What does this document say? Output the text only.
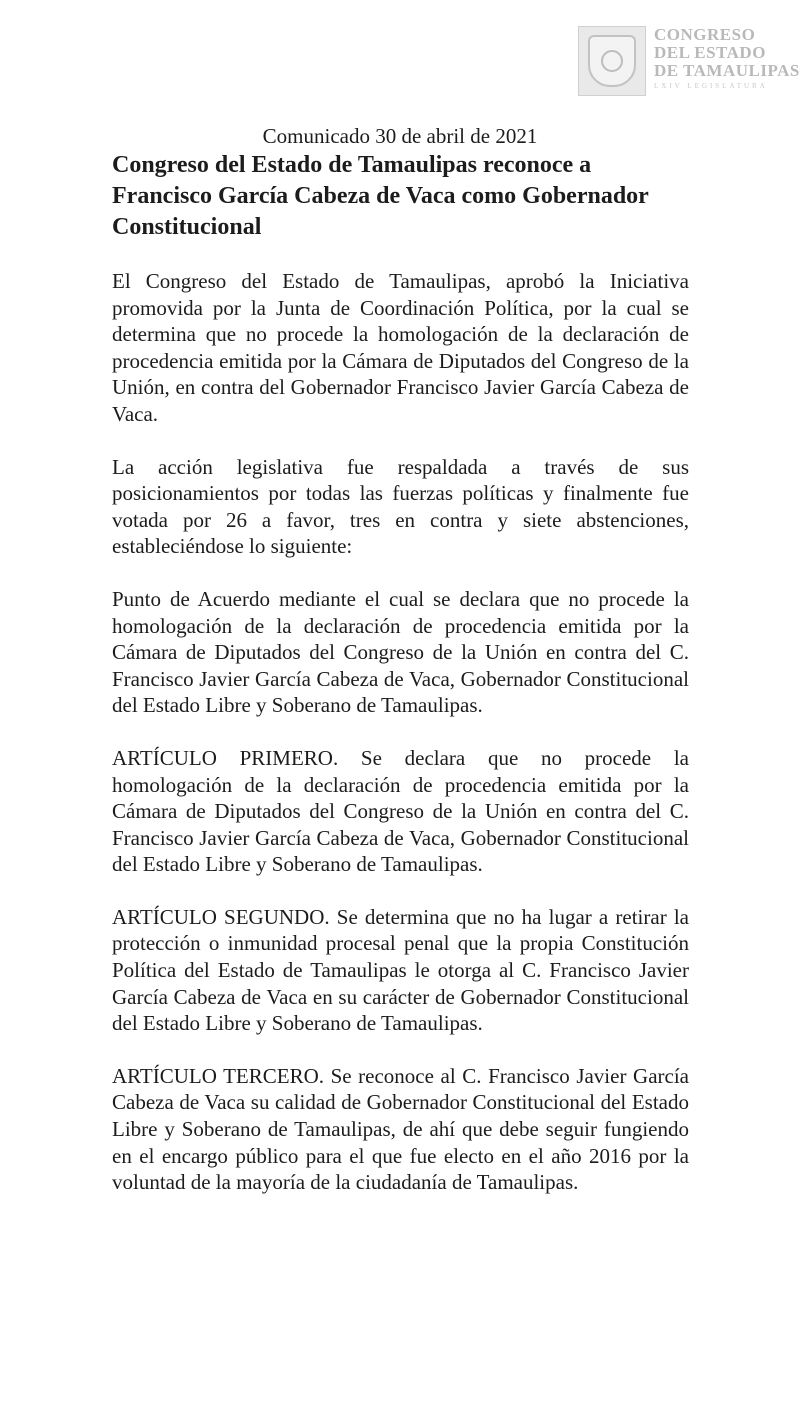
CONGRESO
DEL ESTADO
DE TAMAULIPAS
LXIV LEGISLATURA
Comunicado 30 de abril de 2021
Congreso del Estado de Tamaulipas reconoce a Francisco García Cabeza de Vaca como Gobernador Constitucional

El Congreso del Estado de Tamaulipas, aprobó la Iniciativa promovida por la Junta de Coordinación Política, por la cual se determina que no procede la homologación de la declaración de procedencia emitida por la Cámara de Diputados del Congreso de la Unión, en contra del Gobernador Francisco Javier García Cabeza de Vaca.

La acción legislativa fue respaldada a través de sus posicionamientos por todas las fuerzas políticas y finalmente fue votada por 26 a favor, tres en contra y siete abstenciones, estableciéndose lo siguiente:

Punto de Acuerdo mediante el cual se declara que no procede la homologación de la declaración de procedencia emitida por la Cámara de Diputados del Congreso de la Unión en contra del C. Francisco Javier García Cabeza de Vaca, Gobernador Constitucional del Estado Libre y Soberano de Tamaulipas.

ARTÍCULO PRIMERO. Se declara que no procede la homologación de la declaración de procedencia emitida por la Cámara de Diputados del Congreso de la Unión en contra del C. Francisco Javier García Cabeza de Vaca, Gobernador Constitucional del Estado Libre y Soberano de Tamaulipas.

ARTÍCULO SEGUNDO. Se determina que no ha lugar a retirar la protección o inmunidad procesal penal que la propia Constitución Política del Estado de Tamaulipas le otorga al C. Francisco Javier García Cabeza de Vaca en su carácter de Gobernador Constitucional del Estado Libre y Soberano de Tamaulipas.

ARTÍCULO TERCERO. Se reconoce al C. Francisco Javier García Cabeza de Vaca su calidad de Gobernador Constitucional del Estado Libre y Soberano de Tamaulipas, de ahí que debe seguir fungiendo en el encargo público para el que fue electo en el año 2016 por la voluntad de la mayoría de la ciudadanía de Tamaulipas.
